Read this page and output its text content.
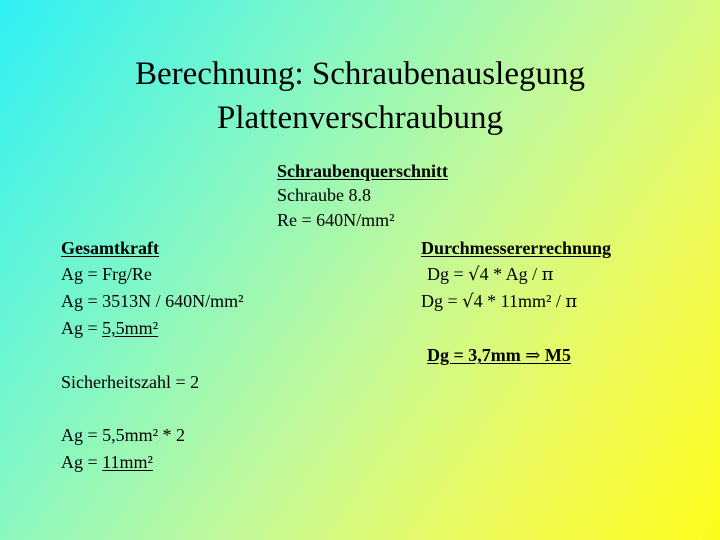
Berechnung: Schraubenauslegung
Plattenverschraubung
Schraubenquerschnitt
Schraube 8.8
Re = 640N/mm²
Gesamtkraft
Ag = Frg/Re
Ag = 3513N / 640N/mm²
Ag = 5,5mm²
Sicherheitszahl = 2
Ag = 5,5mm² * 2
Ag = 11mm²
Durchmessererrechnung
Dg = √4 * Ag / π
Dg = √4 * 11mm² / π
Dg = 3,7mm ⇒ M5
